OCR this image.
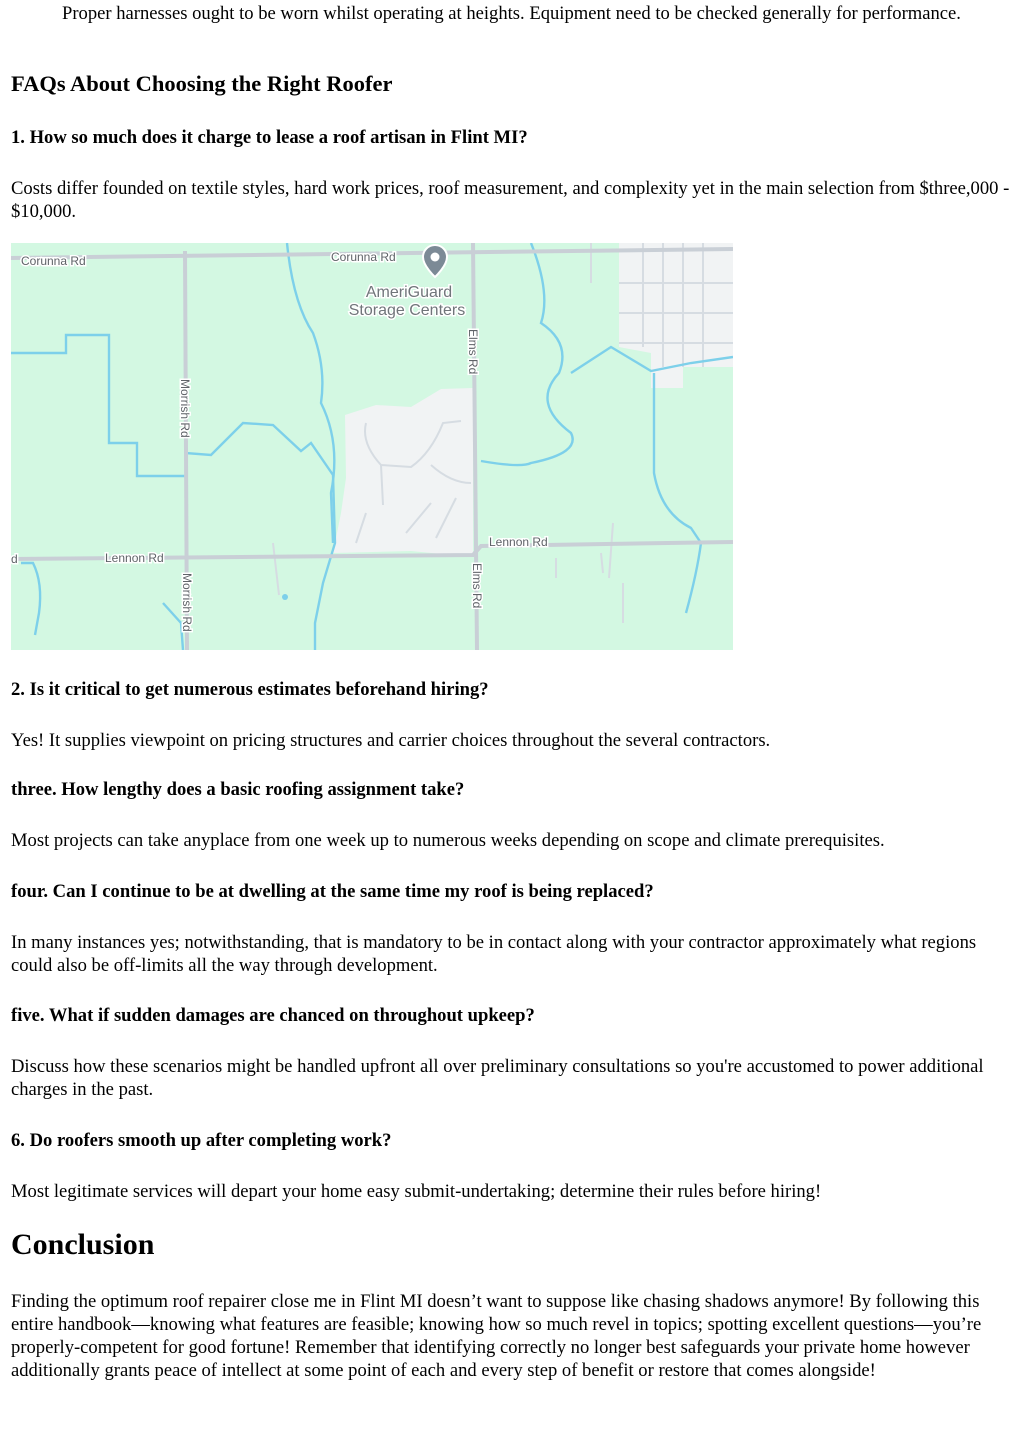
Proper harnesses ought to be worn whilst operating at heights. Equipment need to be checked generally for performance.

FAQs About Choosing the Right Roofer

1. How so much does it charge to lease a roof artisan in Flint MI?

Costs differ founded on textile styles, hard work prices, roof measurement, and complexity yet in the main selection from $three,000 - $10,000.

Corunna Rd	Corunna Rd
d	Lennon Rd
Lennon Rd
Morrish Rd
Morrish Rd
Elms Rd
Elms Rd
AmeriGuard
Storage Centers

2. Is it critical to get numerous estimates beforehand hiring?

Yes! It supplies viewpoint on pricing structures and carrier choices throughout the several contractors.

three. How lengthy does a basic roofing assignment take?

Most projects can take anyplace from one week up to numerous weeks depending on scope and climate prerequisites.

four. Can I continue to be at dwelling at the same time my roof is being replaced?

In many instances yes; notwithstanding, that is mandatory to be in contact along with your contractor approximately what regions could also be off-limits all the way through development.

five. What if sudden damages are chanced on throughout upkeep?

Discuss how these scenarios might be handled upfront all over preliminary consultations so you're accustomed to power additional charges in the past.

6. Do roofers smooth up after completing work?

Most legitimate services will depart your home easy submit-undertaking; determine their rules before hiring!

Conclusion

Finding the optimum roof repairer close me in Flint MI doesn’t want to suppose like chasing shadows anymore! By following this entire handbook—knowing what features are feasible; knowing how so much revel in topics; spotting excellent questions—you’re properly-competent for good fortune! Remember that identifying correctly no longer best safeguards your private home however additionally grants peace of intellect at some point of each and every step of benefit or restore that comes alongside!
